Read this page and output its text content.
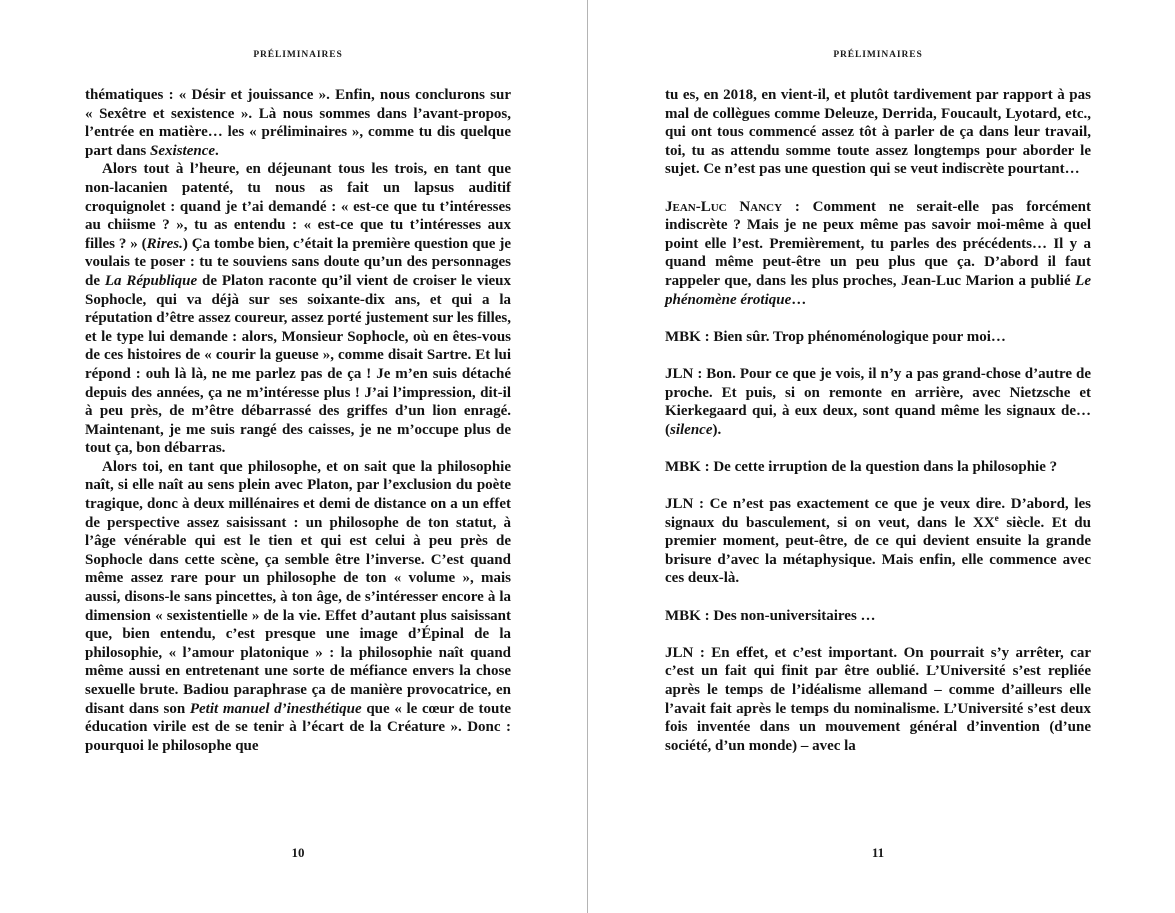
PRÉLIMINAIRES

thématiques : « Désir et jouissance ». Enfin, nous conclurons sur « Sexêtre et sexistence ». Là nous sommes dans l’avant-propos, l’entrée en matière… les « préliminaires », comme tu dis quelque part dans Sexistence.

Alors tout à l’heure, en déjeunant tous les trois, en tant que non-lacanien patenté, tu nous as fait un lapsus auditif croquignolet : quand je t’ai demandé : « est-ce que tu t’intéresses au chiisme ? », tu as entendu : « est-ce que tu t’intéresses aux filles ? » (Rires.) Ça tombe bien, c’était la première question que je voulais te poser : tu te souviens sans doute qu’un des personnages de La République de Platon raconte qu’il vient de croiser le vieux Sophocle, qui va déjà sur ses soixante-dix ans, et qui a la réputation d’être assez coureur, assez porté justement sur les filles, et le type lui demande : alors, Monsieur Sophocle, où en êtes-vous de ces histoires de « courir la gueuse », comme disait Sartre. Et lui répond : ouh là là, ne me parlez pas de ça ! Je m’en suis détaché depuis des années, ça ne m’intéresse plus ! J’ai l’impression, dit-il à peu près, de m’être débarrassé des griffes d’un lion enragé. Maintenant, je me suis rangé des caisses, je ne m’occupe plus de tout ça, bon débarras.

Alors toi, en tant que philosophe, et on sait que la philosophie naît, si elle naît au sens plein avec Platon, par l’exclusion du poète tragique, donc à deux millénaires et demi de distance on a un effet de perspective assez saisissant : un philosophe de ton statut, à l’âge vénérable qui est le tien et qui est celui à peu près de Sophocle dans cette scène, ça semble être l’inverse. C’est quand même assez rare pour un philosophe de ton « volume », mais aussi, disons-le sans pincettes, à ton âge, de s’intéresser encore à la dimension « sexistentielle » de la vie. Effet d’autant plus saisissant que, bien entendu, c’est presque une image d’Épinal de la philosophie, « l’amour platonique » : la philosophie naît quand même aussi en entretenant une sorte de méfiance envers la chose sexuelle brute. Badiou paraphrase ça de manière provocatrice, en disant dans son Petit manuel d’inesthétique que « le cœur de toute éducation virile est de se tenir à l’écart de la Créature ». Donc : pourquoi le philosophe que

10
PRÉLIMINAIRES

tu es, en 2018, en vient-il, et plutôt tardivement par rapport à pas mal de collègues comme Deleuze, Derrida, Foucault, Lyotard, etc., qui ont tous commencé assez tôt à parler de ça dans leur travail, toi, tu as attendu somme toute assez longtemps pour aborder le sujet. Ce n’est pas une question qui se veut indiscrète pourtant…

Jean-Luc Nancy : Comment ne serait-elle pas forcément indiscrète ? Mais je ne peux même pas savoir moi-même à quel point elle l’est. Premièrement, tu parles des précédents… Il y a quand même peut-être un peu plus que ça. D’abord il faut rappeler que, dans les plus proches, Jean-Luc Marion a publié Le phénomène érotique…

MBK : Bien sûr. Trop phénoménologique pour moi…

JLN : Bon. Pour ce que je vois, il n’y a pas grand-chose d’autre de proche. Et puis, si on remonte en arrière, avec Nietzsche et Kierkegaard qui, à eux deux, sont quand même les signaux de… (silence).

MBK : De cette irruption de la question dans la philosophie ?

JLN : Ce n’est pas exactement ce que je veux dire. D’abord, les signaux du basculement, si on veut, dans le XXe siècle. Et du premier moment, peut-être, de ce qui devient ensuite la grande brisure d’avec la métaphysique. Mais enfin, elle commence avec ces deux-là.

MBK : Des non-universitaires …

JLN : En effet, et c’est important. On pourrait s’y arrêter, car c’est un fait qui finit par être oublié. L’Université s’est repliée après le temps de l’idéalisme allemand – comme d’ailleurs elle l’avait fait après le temps du nominalisme. L’Université s’est deux fois inventée dans un mouvement général d’invention (d’une société, d’un monde) – avec la

11
